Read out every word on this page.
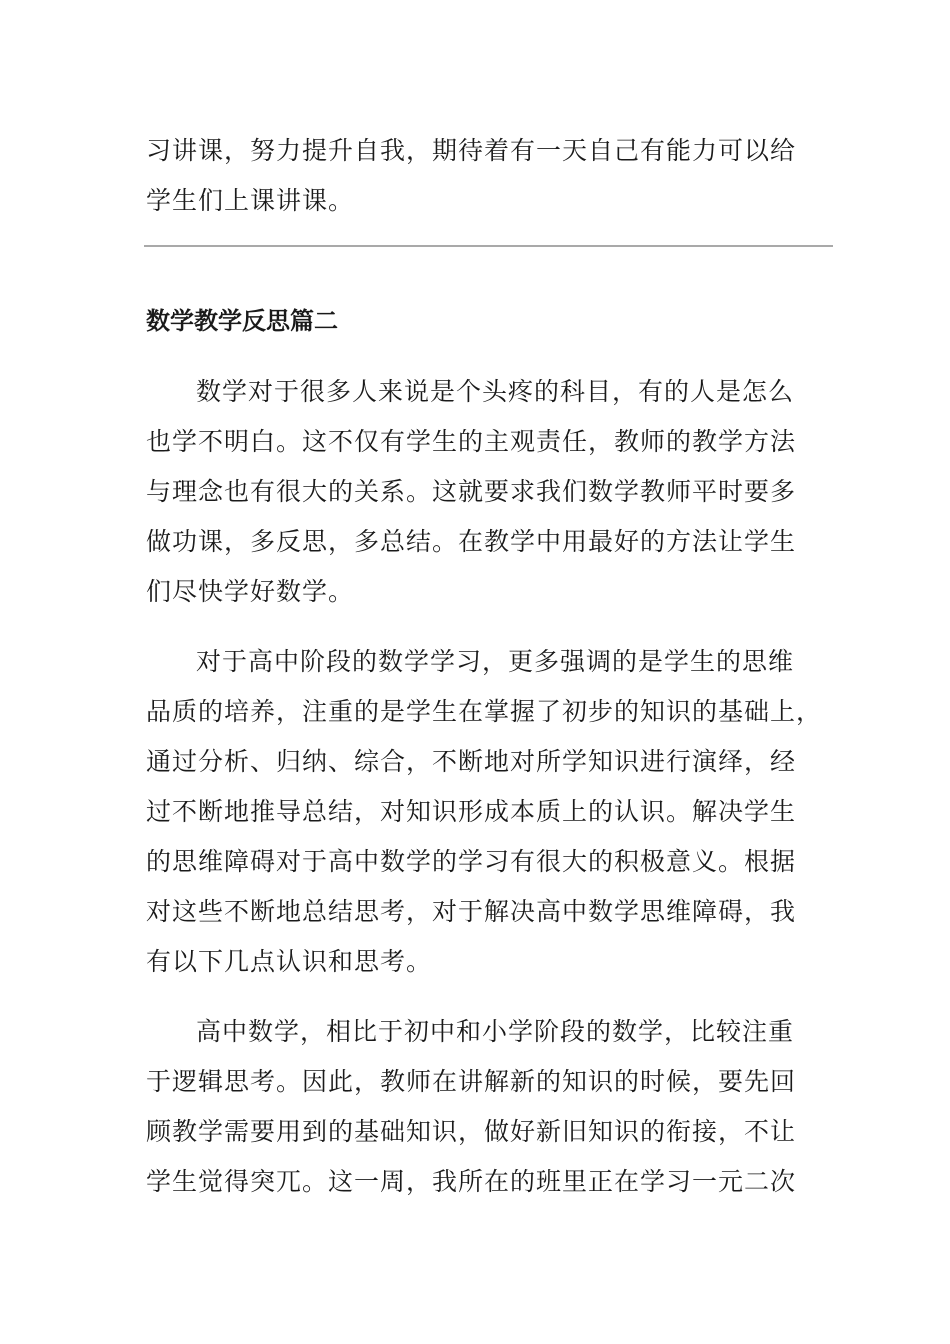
习讲课，努力提升自我，期待着有一天自己有能力可以给
学生们上课讲课。
数学教学反思篇二
数学对于很多人来说是个头疼的科目，有的人是怎么
也学不明白。这不仅有学生的主观责任，教师的教学方法
与理念也有很大的关系。这就要求我们数学教师平时要多
做功课，多反思，多总结。在教学中用最好的方法让学生
们尽快学好数学。
对于高中阶段的数学学习，更多强调的是学生的思维
品质的培养，注重的是学生在掌握了初步的知识的基础上，
通过分析、归纳、综合，不断地对所学知识进行演绎，经
过不断地推导总结，对知识形成本质上的认识。解决学生
的思维障碍对于高中数学的学习有很大的积极意义。根据
对这些不断地总结思考，对于解决高中数学思维障碍，我
有以下几点认识和思考。
高中数学，相比于初中和小学阶段的数学，比较注重
于逻辑思考。因此，教师在讲解新的知识的时候，要先回
顾教学需要用到的基础知识，做好新旧知识的衔接，不让
学生觉得突兀。这一周，我所在的班里正在学习一元二次
